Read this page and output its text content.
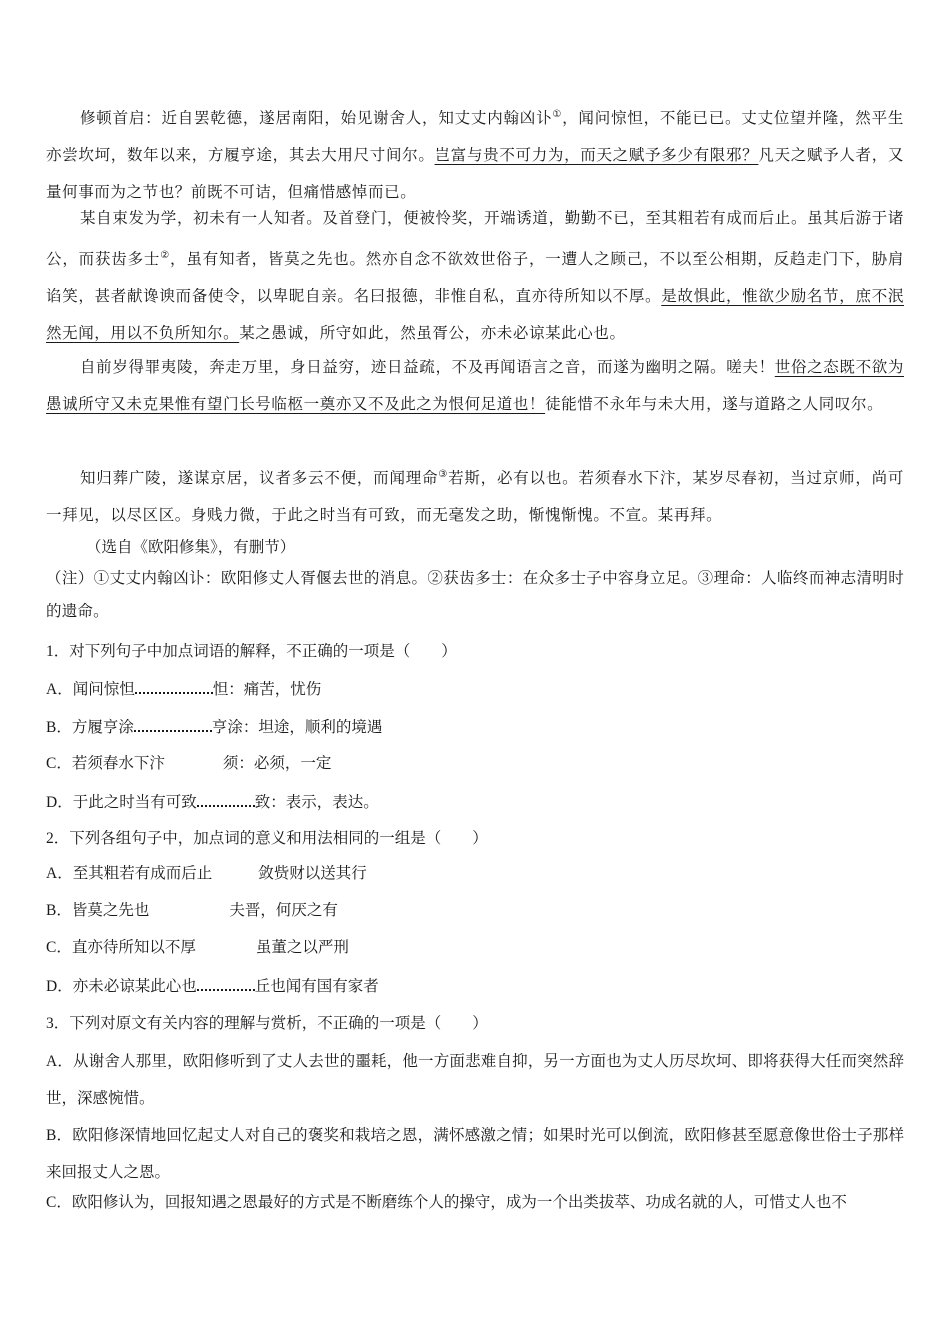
修顿首启：近自罢乾德，遂居南阳，始见谢舍人，知丈丈内翰凶讣①，闻问惊怛，不能已已。丈丈位望并隆，然平生亦尝坎坷，数年以来，方履亨途，其去大用尺寸间尔。岂富与贵不可力为，而天之赋予多少有限邪？凡天之赋予人者，又量何事而为之节也？前既不可诘，但痛惜感悼而已。
某自束发为学，初未有一人知者。及首登门，便被怜奖，开端诱道，勤勤不已，至其粗若有成而后止。虽其后游于诸公，而获齿多士②，虽有知者，皆莫之先也。然亦自念不欲效世俗子，一遭人之顾己，不以至公相期，反趋走门下，胁肩谄笑，甚者献谗谀而备使令，以卑昵自亲。名曰报德，非惟自私，直亦待所知以不厚。是故惧此，惟欲少励名节，庶不泯然无闻，用以不负所知尔。某之愚诚，所守如此，然虽胥公，亦未必谅某此心也。
自前岁得罪夷陵，奔走万里，身日益穷，迹日益疏，不及再闻语言之音，而遂为幽明之隔。嗟夫！世俗之态既不欲为愚诚所守又未克果惟有望门长号临柩一奠亦又不及此之为恨何足道也！徒能惜不永年与未大用，遂与道路之人同叹尔。
知归葬广陵，遂谋京居，议者多云不便，而闻理命③若斯，必有以也。若须春水下汴，某岁尽春初，当过京师，尚可一拜见，以尽区区。身贱力微，于此之时当有可致，而无毫发之助，惭愧惭愧。不宣。某再拜。
（选自《欧阳修集》，有删节）
（注）①丈丈内翰凶讣：欧阳修丈人胥偃去世的消息。②获齿多士：在众多士子中容身立足。③理命：人临终而神志清明时的遗命。
1．对下列句子中加点词语的解释，不正确的一项是（　　）
A．闻问惊怛	怛：痛苦，忧伤
B．方履亨涂	亨涂：坦途，顺利的境遇
C．若须春水下汴	须：必须，一定
D．于此之时当有可致	致：表示，表达。
2．下列各组句子中，加点词的意义和用法相同的一组是（　　）
A．至其粗若有成而后止	敛赀财以送其行
B．皆莫之先也	夫晋，何厌之有
C．直亦待所知以不厚	虽董之以严刑
D．亦未必谅某此心也	丘也闻有国有家者
3．下列对原文有关内容的理解与赏析，不正确的一项是（　　）
A．从谢舍人那里，欧阳修听到了丈人去世的噩耗，他一方面悲难自抑，另一方面也为丈人历尽坎坷、即将获得大任而突然辞世，深感惋惜。
B．欧阳修深情地回忆起丈人对自己的褒奖和栽培之恩，满怀感激之情；如果时光可以倒流，欧阳修甚至愿意像世俗士子那样来回报丈人之恩。
C．欧阳修认为，回报知遇之恩最好的方式是不断磨练个人的操守，成为一个出类拔萃、功成名就的人，可惜丈人也不
